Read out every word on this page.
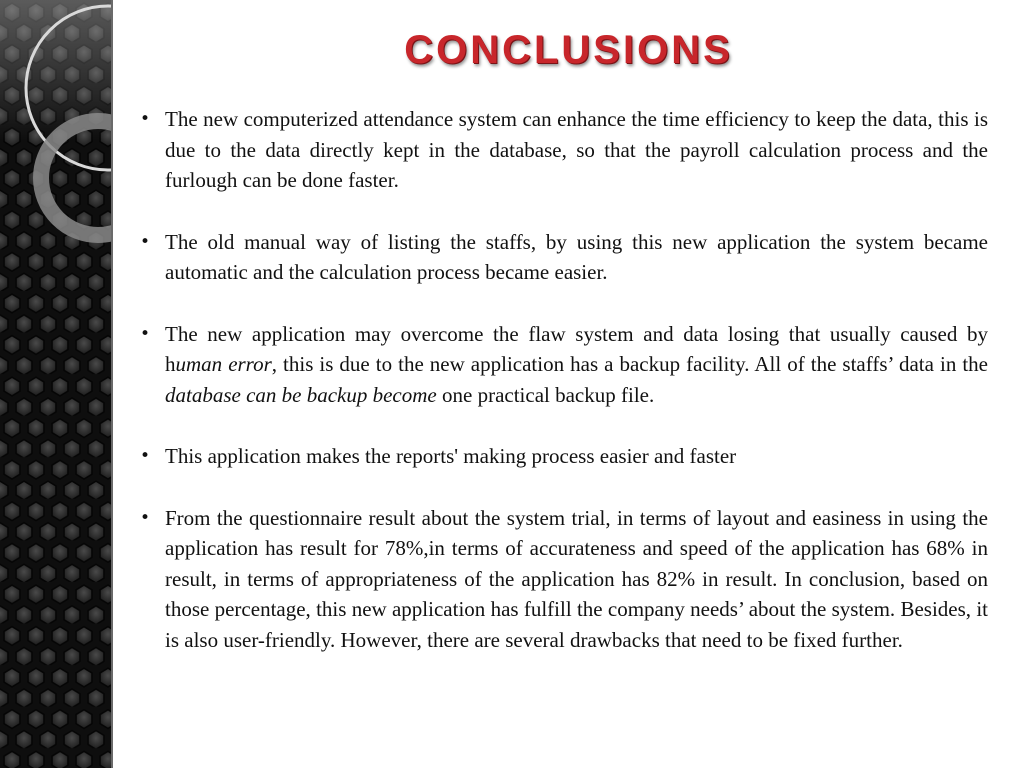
CONCLUSIONS
• The new computerized attendance system can enhance the time efficiency to keep the data, this is due to the data directly kept in the database, so that the payroll calculation process and the furlough can be done faster.
• The old manual way of listing the staffs, by using this new application the system became automatic and the calculation process became easier.
• The new application may overcome the flaw system and data losing that usually caused by human error, this is due to the new application has a backup facility. All of the staffs’ data in the database can be backup become one practical backup file.
• This application makes the reports' making process easier and faster
• From the questionnaire result about the system trial, in terms of layout and easiness in using the application has result for 78%,in terms of accurateness and speed of the application has 68% in result, in terms of appropriateness of the application has 82% in result. In conclusion, based on those percentage, this new application has fulfill the company needs’ about the system. Besides, it is also user-friendly. However, there are several drawbacks that need to be fixed further.
